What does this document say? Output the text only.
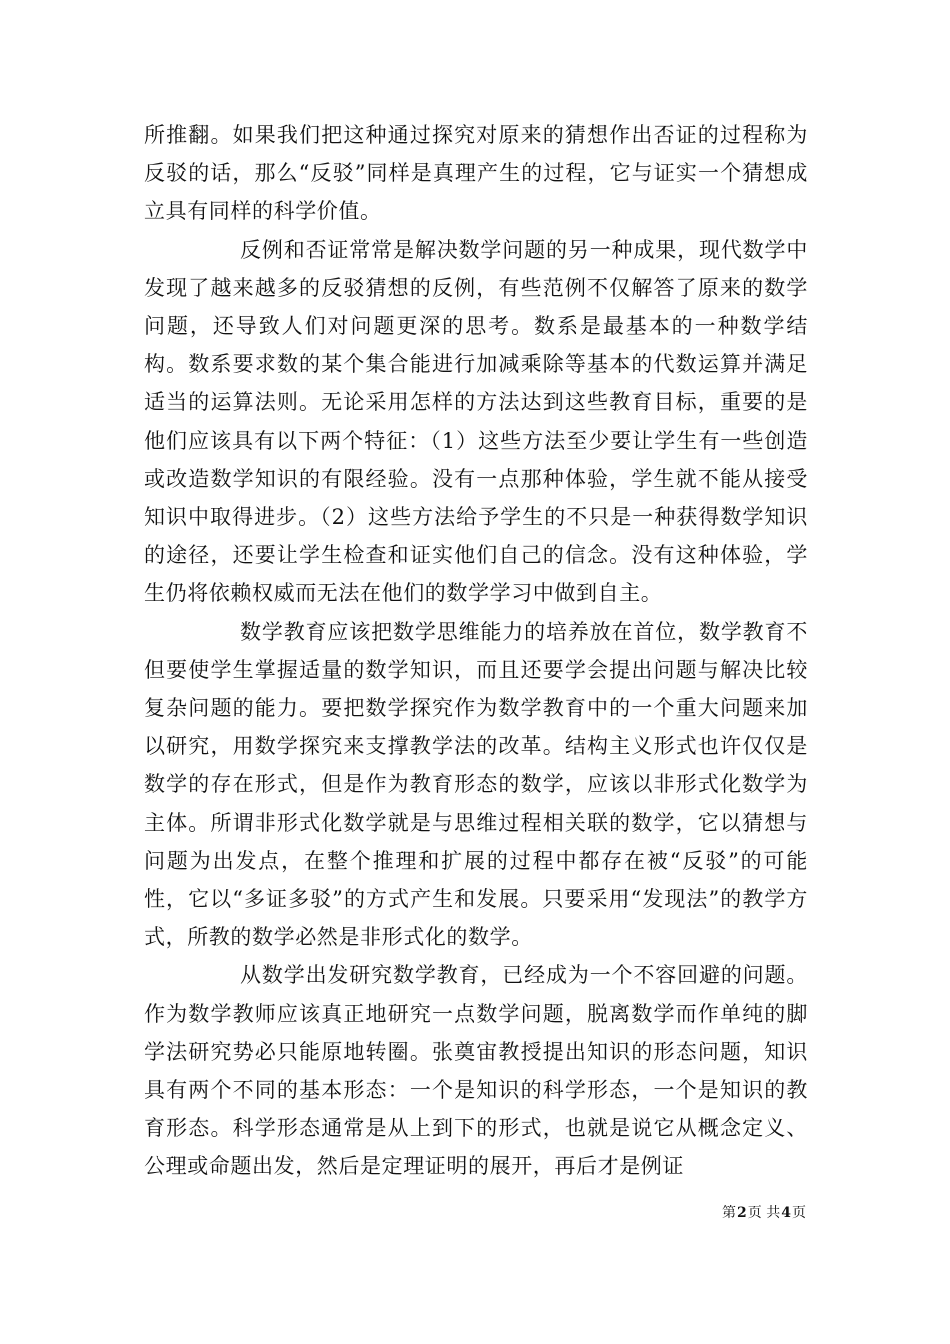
所推翻。如果我们把这种通过探究对原来的猜想作出否证的过程称为反驳的话，那么“反驳”同样是真理产生的过程，它与证实一个猜想成立具有同样的科学价值。

反例和否证常常是解决数学问题的另一种成果，现代数学中发现了越来越多的反驳猜想的反例，有些范例不仅解答了原来的数学问题，还导致人们对问题更深的思考。数系是最基本的一种数学结构。数系要求数的某个集合能进行加减乘除等基本的代数运算并满足适当的运算法则。无论采用怎样的方法达到这些教育目标，重要的是他们应该具有以下两个特征：（1）这些方法至少要让学生有一些创造或改造数学知识的有限经验。没有一点那种体验，学生就不能从接受知识中取得进步。（2）这些方法给予学生的不只是一种获得数学知识的途径，还要让学生检查和证实他们自己的信念。没有这种体验，学生仍将依赖权威而无法在他们的数学学习中做到自主。

数学教育应该把数学思维能力的培养放在首位，数学教育不但要使学生掌握适量的数学知识，而且还要学会提出问题与解决比较复杂问题的能力。要把数学探究作为数学教育中的一个重大问题来加以研究，用数学探究来支撑教学法的改革。结构主义形式也许仅仅是数学的存在形式，但是作为教育形态的数学，应该以非形式化数学为主体。所谓非形式化数学就是与思维过程相关联的数学，它以猜想与问题为出发点，在整个推理和扩展的过程中都存在被“反驳”的可能性，它以“多证多驳”的方式产生和发展。只要采用“发现法”的教学方式，所教的数学必然是非形式化的数学。

从数学出发研究数学教育，已经成为一个不容回避的问题。作为数学教师应该真正地研究一点数学问题，脱离数学而作单纯的脚学法研究势必只能原地转圈。张奠宙教授提出知识的形态问题，知识具有两个不同的基本形态：一个是知识的科学形态，一个是知识的教育形态。科学形态通常是从上到下的形式，也就是说它从概念定义、公理或命题出发，然后是定理证明的展开，再后才是例证

第2页 共4页
